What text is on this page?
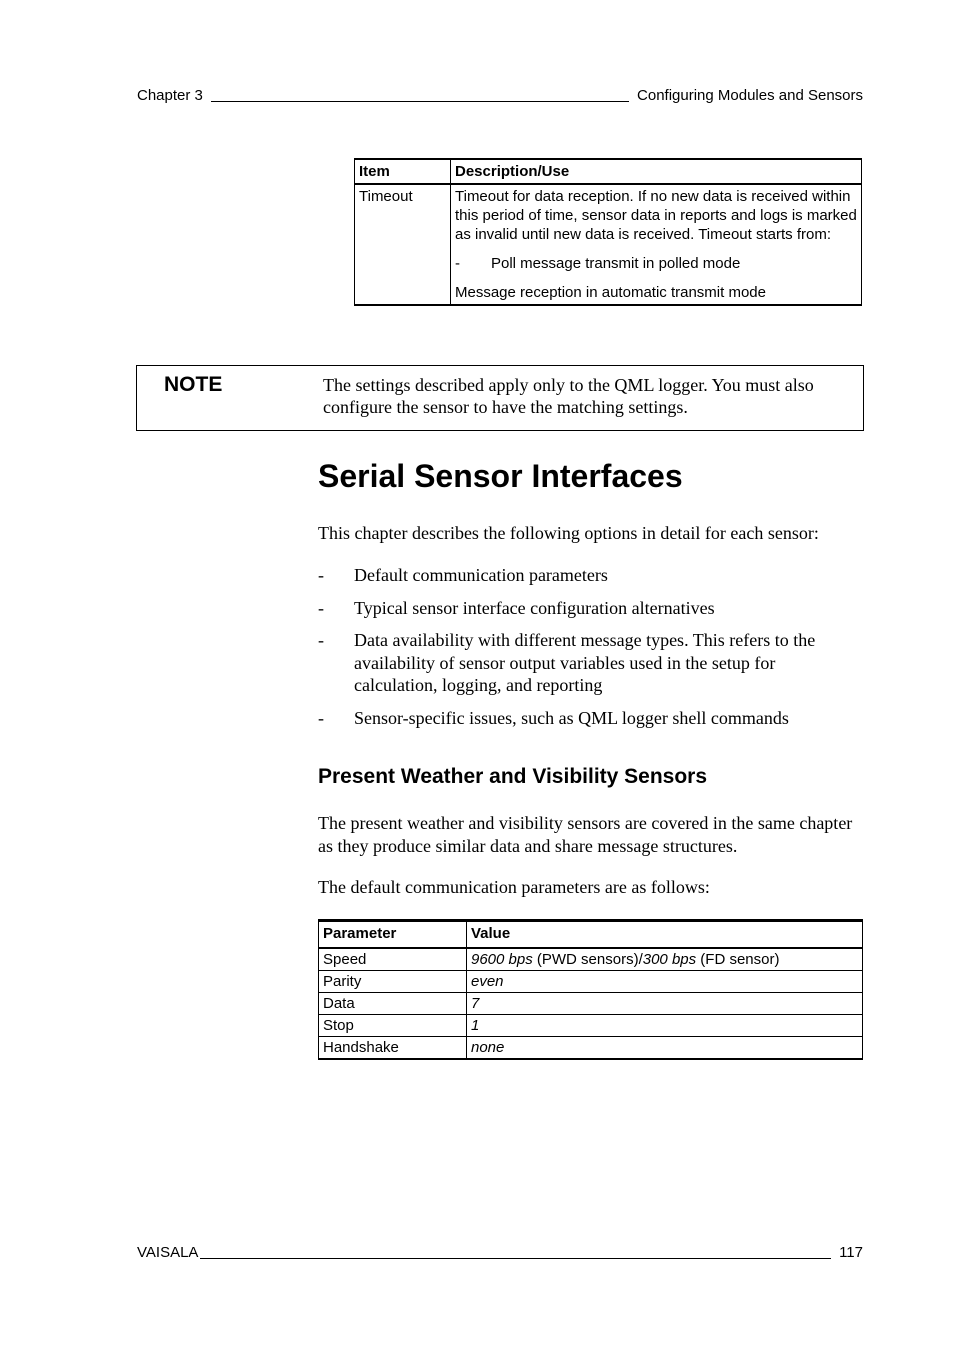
Chapter 3	Configuring Modules and Sensors
Item	Description/Use
Timeout	Timeout for data reception. If no new data is received within this period of time, sensor data in reports and logs is marked as invalid until new data is received. Timeout starts from:

- Poll message transmit in polled mode

Message reception in automatic transmit mode

NOTE	The settings described apply only to the QML logger. You must also configure the sensor to have the matching settings.
Serial Sensor Interfaces

This chapter describes the following options in detail for each sensor:

-	Default communication parameters
-	Typical sensor interface configuration alternatives
-	Data availability with different message types. This refers to the availability of sensor output variables used in the setup for calculation, logging, and reporting
-	Sensor-specific issues, such as QML logger shell commands
Present Weather and Visibility Sensors

The present weather and visibility sensors are covered in the same chapter as they produce similar data and share message structures.

The default communication parameters are as follows:

Parameter	Value
Speed	9600 bps (PWD sensors)/300 bps (FD sensor)
Parity	even
Data	7
Stop	1
Handshake	none
VAISALA	117
